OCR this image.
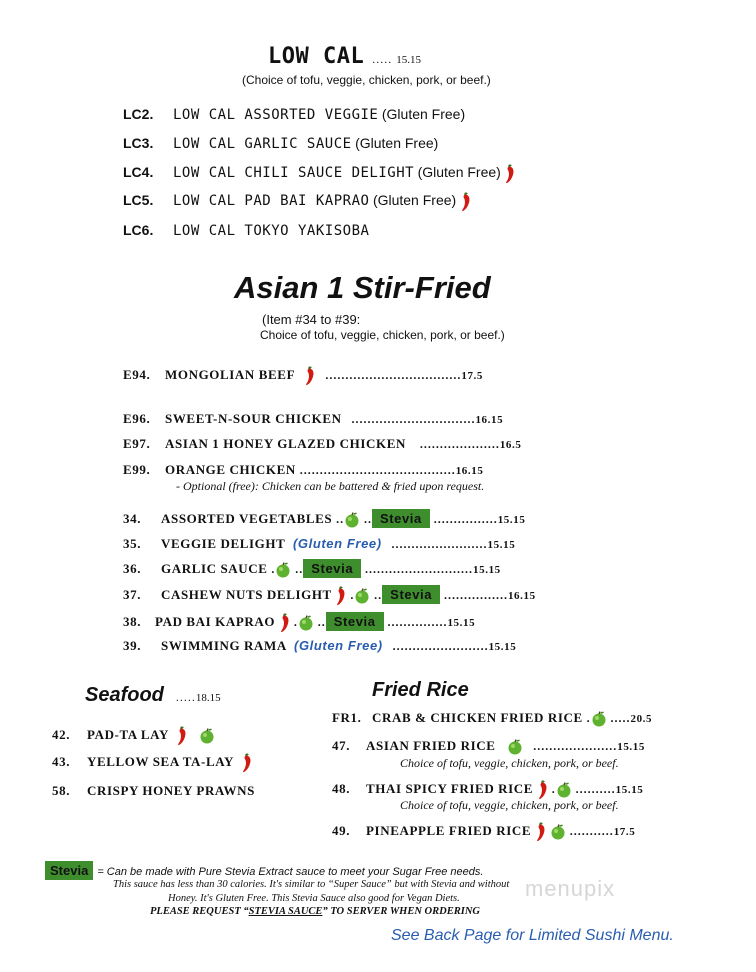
LOW CAL ..... 15.15
(Choice of tofu, veggie, chicken, pork, or beef.)
LC2. LOW CAL ASSORTED VEGGIE (Gluten Free)
LC3. LOW CAL GARLIC SAUCE (Gluten Free)
LC4. LOW CAL CHILI SAUCE DELIGHT (Gluten Free)
LC5. LOW CAL PAD BAI KAPRAO (Gluten Free)
LC6. LOW CAL TOKYO YAKISOBA
Asian 1 Stir-Fried
(Item #34 to #39:
Choice of tofu, veggie, chicken, pork, or beef.)
E94. MONGOLIAN BEEF	..................................17.5
E96. SWEET-N-SOUR CHICKEN ...............................16.15
E97. ASIAN 1 HONEY GLAZED CHICKEN ....................16.5
E99. ORANGE CHICKEN .......................................16.15
- Optional (free): Chicken can be battered & fried upon request.
34. ASSORTED VEGETABLES .. .. Stevia ................15.15
35. VEGGIE DELIGHT (Gluten Free) ........................15.15
36. GARLIC SAUCE . .. Stevia ...........................15.15
37. CASHEW NUTS DELIGHT . .. Stevia ................16.15
38. PAD BAI KAPRAO . .. Stevia ...............15.15
39. SWIMMING RAMA (Gluten Free) ........................15.15
Seafood .....18.15
42. PAD-TA LAY
43. YELLOW SEA TA-LAY
58. CRISPY HONEY PRAWNS
Fried Rice
FR1. CRAB & CHICKEN FRIED RICE . .....20.5
47. ASIAN FRIED RICE	.....................15.15
Choice of tofu, veggie, chicken, pork, or beef.
48. THAI SPICY FRIED RICE . ..........15.15
Choice of tofu, veggie, chicken, pork, or beef.
49. PINEAPPLE FRIED RICE	...........17.5
Stevia = Can be made with Pure Stevia Extract sauce to meet your Sugar Free needs.
This sauce has less than 30 calories. It's similar to “Super Sauce” but with Stevia and without
Honey. It's Gluten Free. This Stevia Sauce also good for Vegan Diets.
PLEASE REQUEST “STEVIA SAUCE” TO SERVER WHEN ORDERING
menupix
See Back Page for Limited Sushi Menu.
